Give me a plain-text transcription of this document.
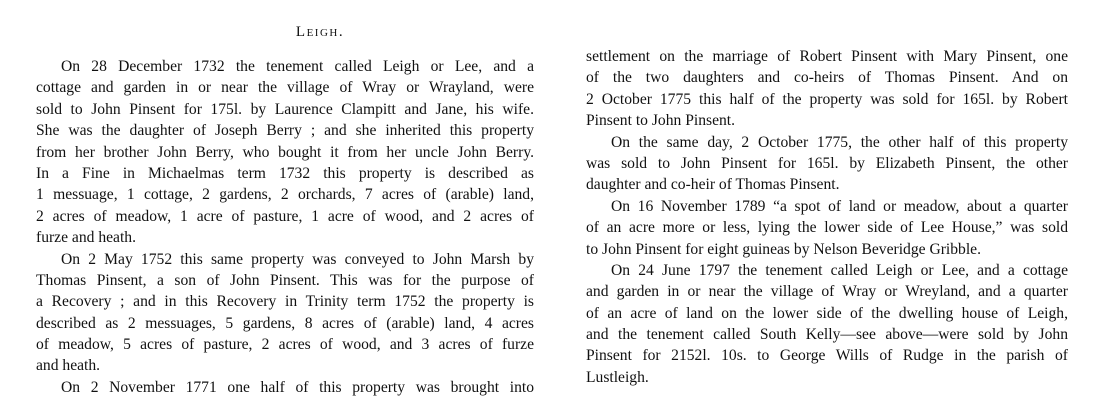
Leigh.
On 28 December 1732 the tenement called Leigh or Lee, and a
cottage and garden in or near the village of Wray or Wrayland, were
sold to John Pinsent for 175l. by Laurence Clampitt and Jane, his wife.
She was the daughter of Joseph Berry ; and she inherited this property
from her brother John Berry, who bought it from her uncle John Berry.
In a Fine in Michaelmas term 1732 this property is described as
1 messuage, 1 cottage, 2 gardens, 2 orchards, 7 acres of (arable) land,
2 acres of meadow, 1 acre of pasture, 1 acre of wood, and 2 acres of
furze and heath.
On 2 May 1752 this same property was conveyed to John Marsh by
Thomas Pinsent, a son of John Pinsent. This was for the purpose of
a Recovery ; and in this Recovery in Trinity term 1752 the property is
described as 2 messuages, 5 gardens, 8 acres of (arable) land, 4 acres
of meadow, 5 acres of pasture, 2 acres of wood, and 3 acres of furze
and heath.
On 2 November 1771 one half of this property was brought into
settlement on the marriage of Robert Pinsent with Mary Pinsent, one
of the two daughters and co-heirs of Thomas Pinsent. And on
2 October 1775 this half of the property was sold for 165l. by Robert
Pinsent to John Pinsent.
On the same day, 2 October 1775, the other half of this property
was sold to John Pinsent for 165l. by Elizabeth Pinsent, the other
daughter and co-heir of Thomas Pinsent.
On 16 November 1789 “a spot of land or meadow, about a quarter
of an acre more or less, lying the lower side of Lee House,” was sold
to John Pinsent for eight guineas by Nelson Beveridge Gribble.
On 24 June 1797 the tenement called Leigh or Lee, and a cottage
and garden in or near the village of Wray or Wreyland, and a quarter
of an acre of land on the lower side of the dwelling house of Leigh,
and the tenement called South Kelly—see above—were sold by John
Pinsent for 2152l. 10s. to George Wills of Rudge in the parish of
Lustleigh.
